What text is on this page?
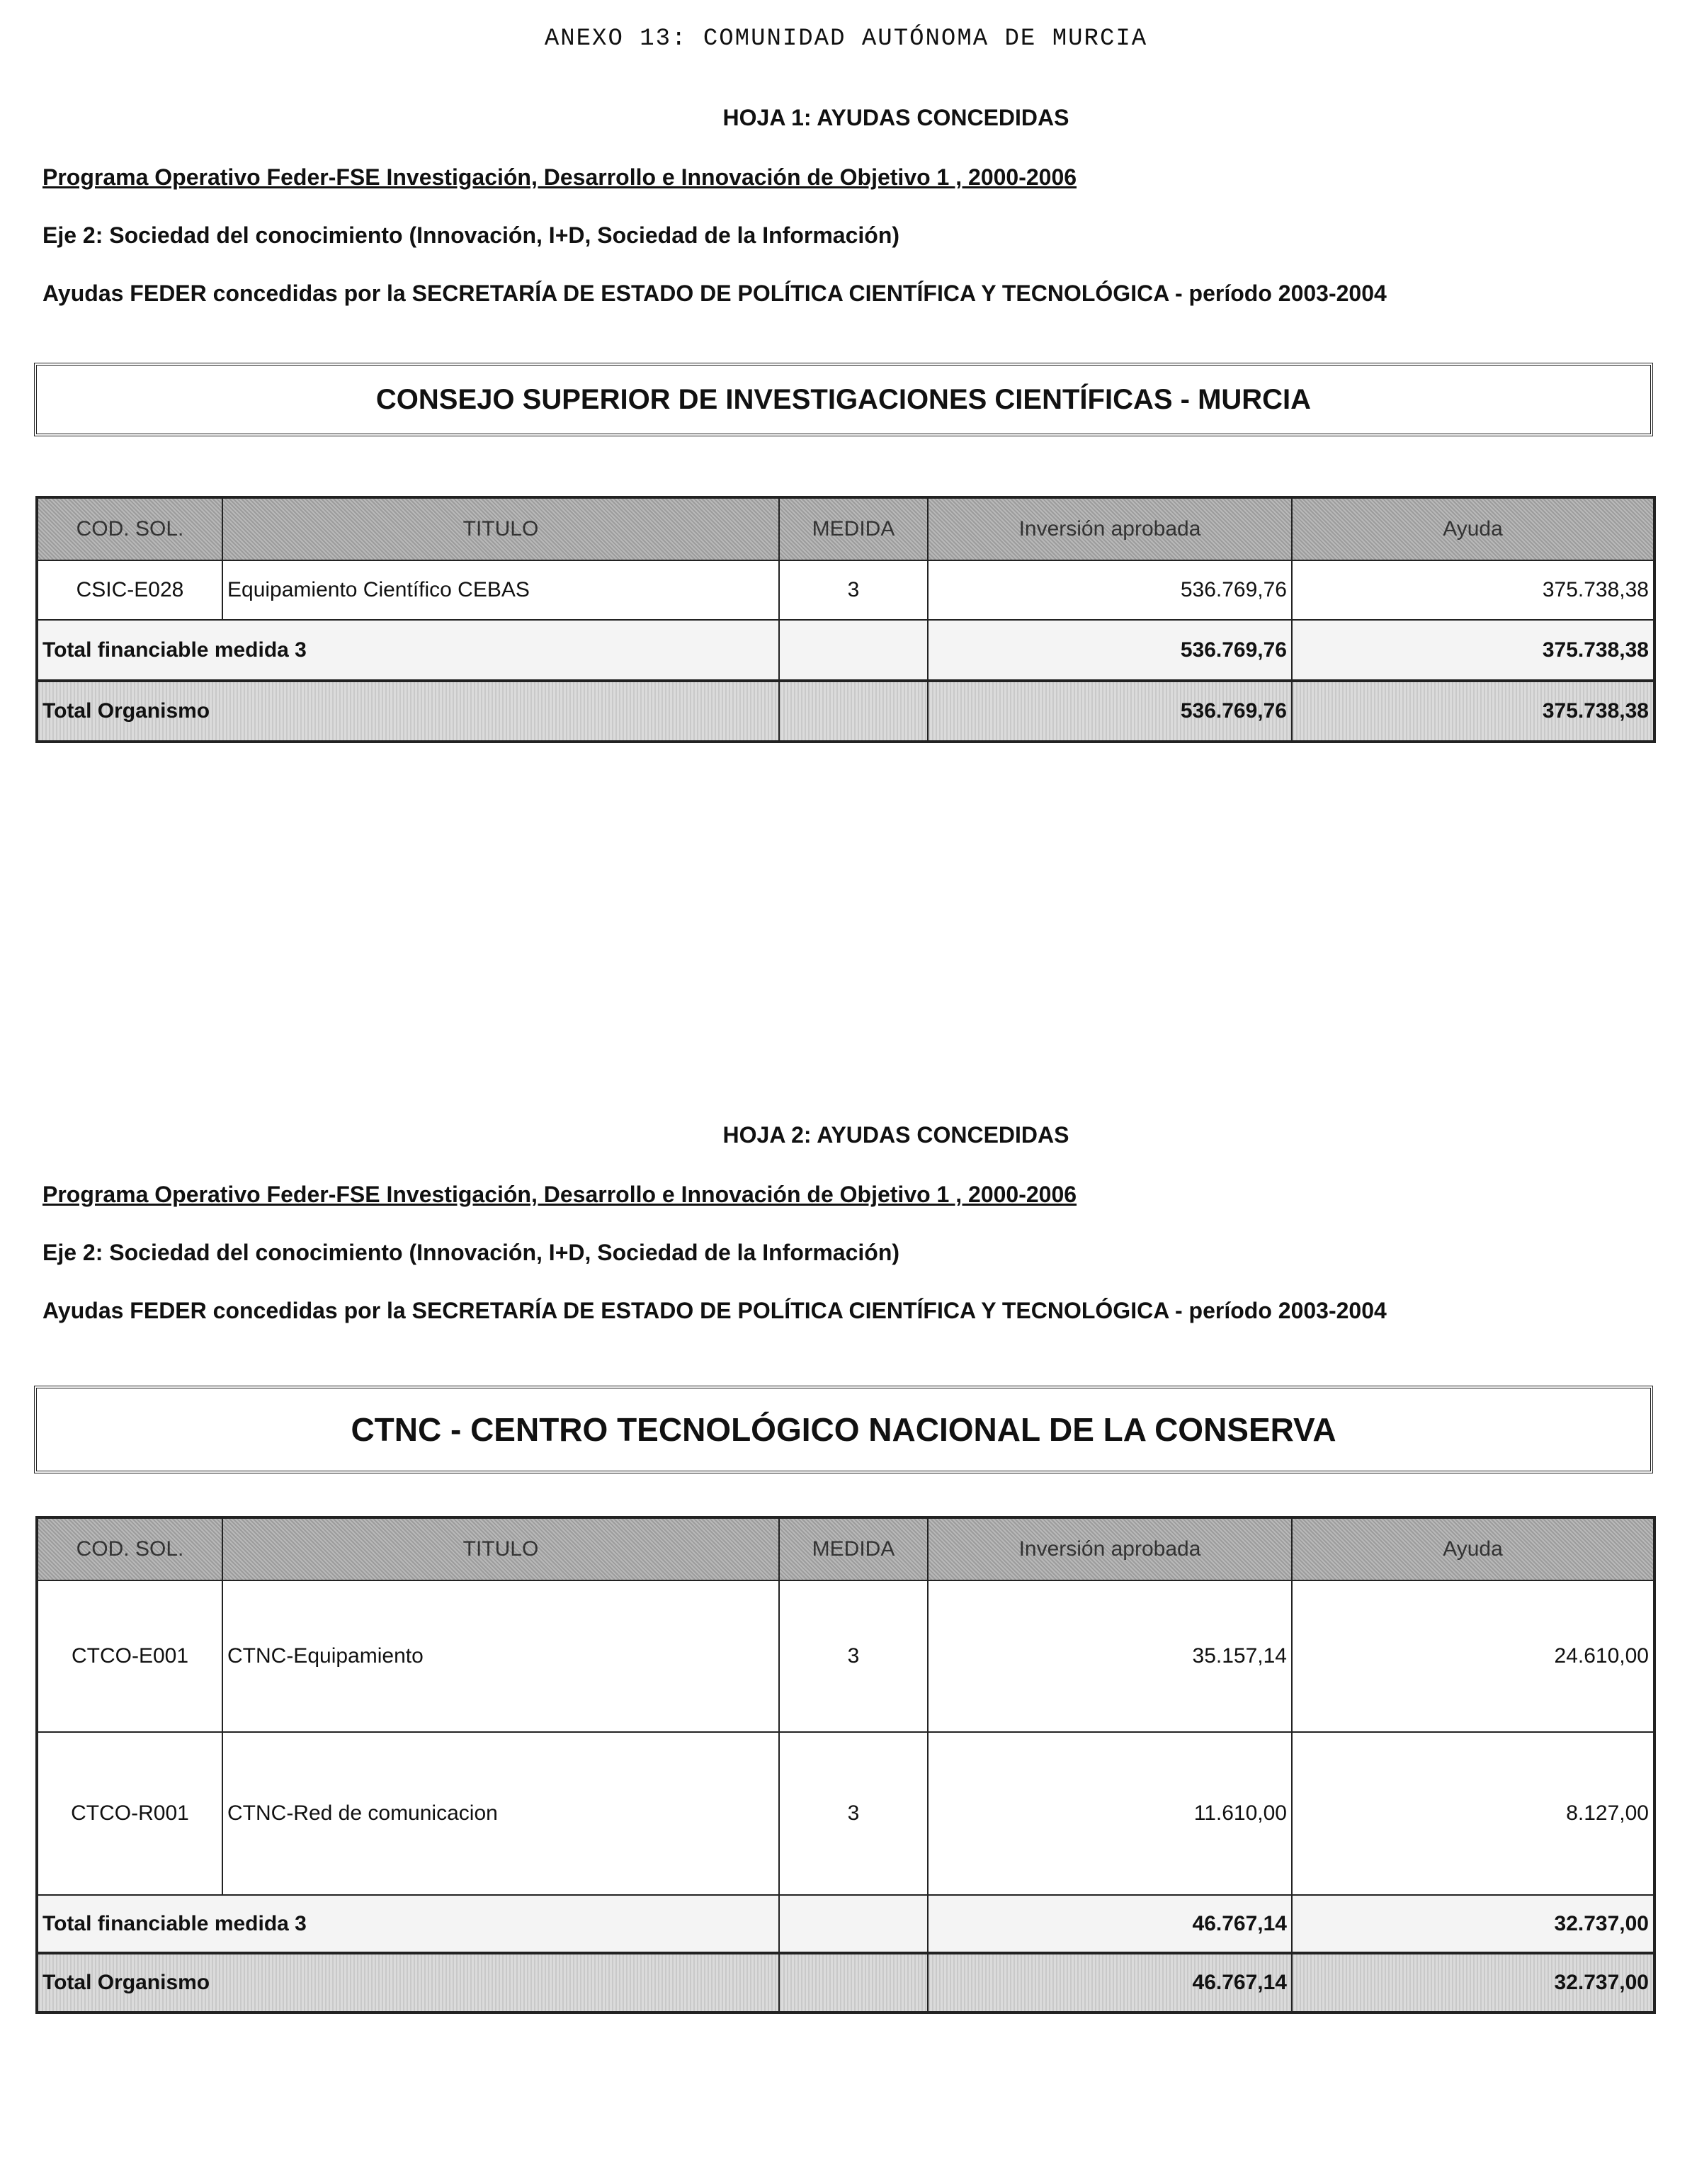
ANEXO 13: COMUNIDAD AUTÓNOMA DE MURCIA
HOJA 1: AYUDAS CONCEDIDAS
Programa Operativo Feder-FSE Investigación, Desarrollo e Innovación de Objetivo 1 , 2000-2006
Eje 2: Sociedad del conocimiento (Innovación, I+D, Sociedad de la Información)
Ayudas FEDER concedidas por la SECRETARÍA DE ESTADO DE POLÍTICA CIENTÍFICA Y TECNOLÓGICA - período 2003-2004
CONSEJO SUPERIOR DE INVESTIGACIONES CIENTÍFICAS - MURCIA
COD. SOL.	TITULO	MEDIDA	Inversión aprobada	Ayuda
CSIC-E028	Equipamiento Científico CEBAS	3	536.769,76	375.738,38
Total financiable medida 3			536.769,76	375.738,38
Total Organismo			536.769,76	375.738,38
HOJA 2: AYUDAS CONCEDIDAS
Programa Operativo Feder-FSE Investigación, Desarrollo e Innovación de Objetivo 1 , 2000-2006
Eje 2: Sociedad del conocimiento (Innovación, I+D, Sociedad de la Información)
Ayudas FEDER concedidas por la SECRETARÍA DE ESTADO DE POLÍTICA CIENTÍFICA Y TECNOLÓGICA - período 2003-2004
CTNC - CENTRO TECNOLÓGICO NACIONAL DE LA CONSERVA
COD. SOL.	TITULO	MEDIDA	Inversión aprobada	Ayuda
CTCO-E001	CTNC-Equipamiento	3	35.157,14	24.610,00
CTCO-R001	CTNC-Red de comunicacion	3	11.610,00	8.127,00
Total financiable medida 3			46.767,14	32.737,00
Total Organismo			46.767,14	32.737,00
